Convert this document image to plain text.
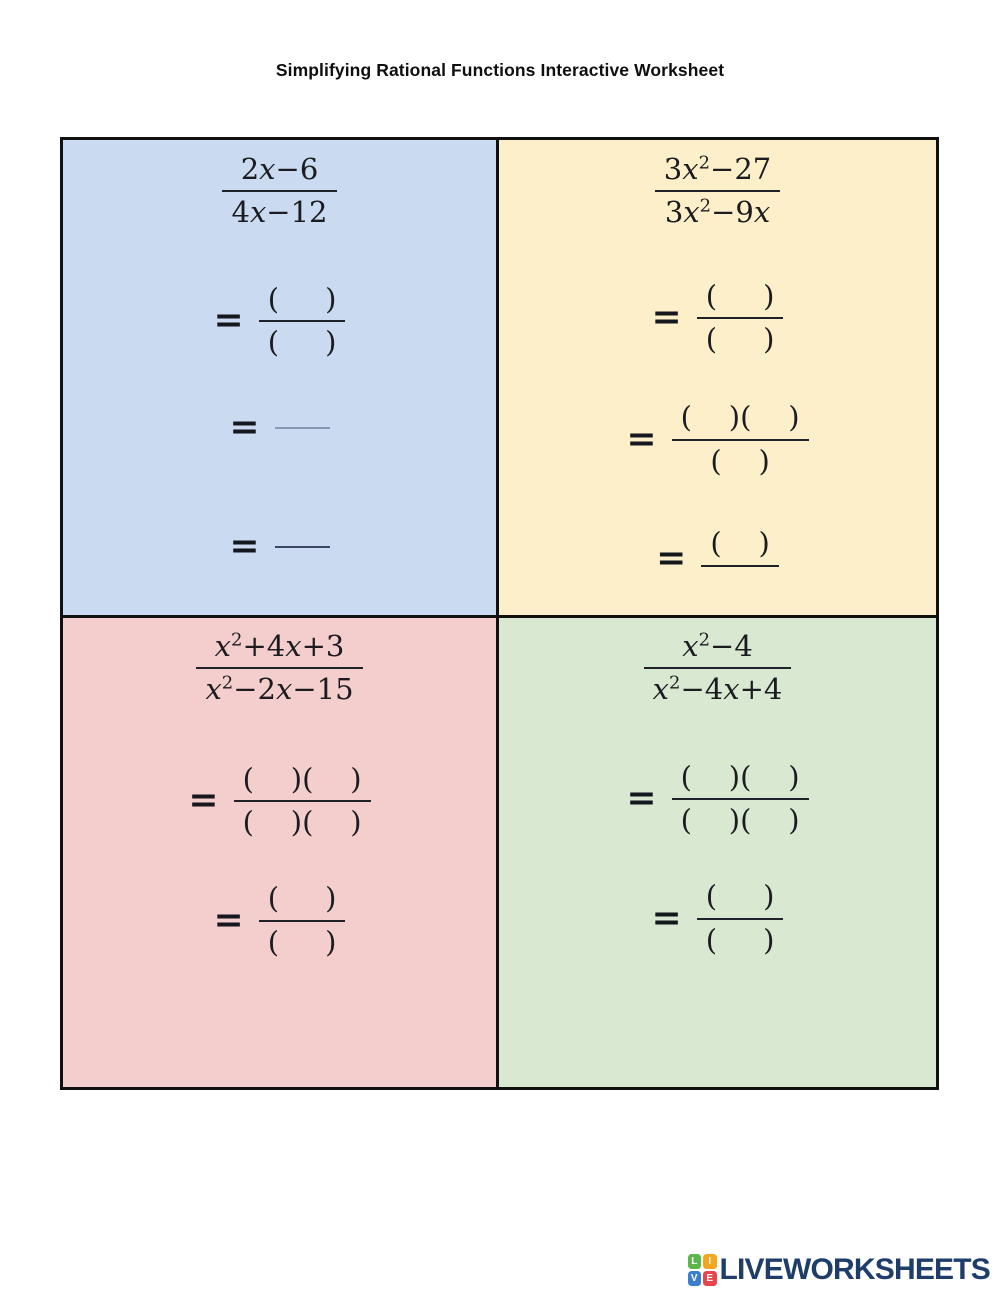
Simplifying Rational Functions Interactive Worksheet
$\frac{2x-6}{4x-12}$
= $\frac{( )}{( )}$
=
=
$\frac{3x^2-27}{3x^2-9x}$
= $\frac{( )}{( )}$
= $\frac{( )( )}{( )}$
= (    )
$\frac{x^2+4x+3}{x^2-2x-15}$
= $\frac{( )( )}{( )( )}$
= $\frac{( )}{( )}$
$\frac{x^2-4}{x^2-4x+4}$
= $\frac{( )( )}{( )( )}$
= $\frac{( )}{( )}$
L	I
V E LIVEWORKSHEETS
